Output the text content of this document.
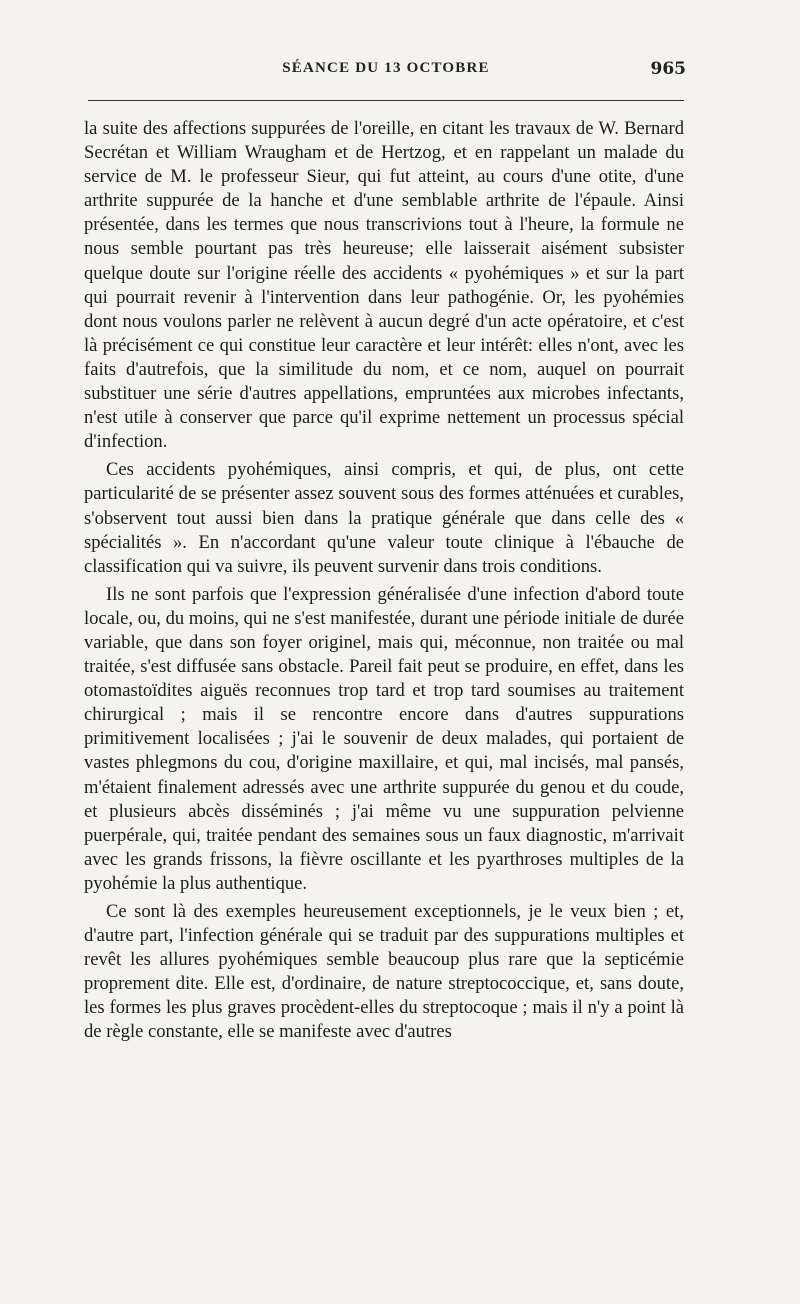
SÉANCE DU 13 OCTOBRE	965

la suite des affections suppurées de l'oreille, en citant les travaux de W. Bernard Secrétan et William Wraugham et de Hertzog, et en rappelant un malade du service de M. le professeur Sieur, qui fut atteint, au cours d'une otite, d'une arthrite suppurée de la hanche et d'une semblable arthrite de l'épaule. Ainsi présentée, dans les termes que nous transcrivions tout à l'heure, la formule ne nous semble pourtant pas très heureuse; elle laisserait aisément subsister quelque doute sur l'origine réelle des accidents « pyohémiques » et sur la part qui pourrait revenir à l'intervention dans leur pathogénie. Or, les pyohémies dont nous voulons parler ne relèvent à aucun degré d'un acte opératoire, et c'est là précisément ce qui constitue leur caractère et leur intérêt: elles n'ont, avec les faits d'autrefois, que la similitude du nom, et ce nom, auquel on pourrait substituer une série d'autres appellations, empruntées aux microbes infectants, n'est utile à conserver que parce qu'il exprime nettement un processus spécial d'infection.

Ces accidents pyohémiques, ainsi compris, et qui, de plus, ont cette particularité de se présenter assez souvent sous des formes atténuées et curables, s'observent tout aussi bien dans la pratique générale que dans celle des « spécialités ». En n'accordant qu'une valeur toute clinique à l'ébauche de classification qui va suivre, ils peuvent survenir dans trois conditions.

Ils ne sont parfois que l'expression généralisée d'une infection d'abord toute locale, ou, du moins, qui ne s'est manifestée, durant une période initiale de durée variable, que dans son foyer originel, mais qui, méconnue, non traitée ou mal traitée, s'est diffusée sans obstacle. Pareil fait peut se produire, en effet, dans les otomastoïdites aiguës reconnues trop tard et trop tard soumises au traitement chirurgical ; mais il se rencontre encore dans d'autres suppurations primitivement localisées ; j'ai le souvenir de deux malades, qui portaient de vastes phlegmons du cou, d'origine maxillaire, et qui, mal incisés, mal pansés, m'étaient finalement adressés avec une arthrite suppurée du genou et du coude, et plusieurs abcès disséminés ; j'ai même vu une suppuration pelvienne puerpérale, qui, traitée pendant des semaines sous un faux diagnostic, m'arrivait avec les grands frissons, la fièvre oscillante et les pyarthroses multiples de la pyohémie la plus authentique.

Ce sont là des exemples heureusement exceptionnels, je le veux bien ; et, d'autre part, l'infection générale qui se traduit par des suppurations multiples et revêt les allures pyohémiques semble beaucoup plus rare que la septicémie proprement dite. Elle est, d'ordinaire, de nature streptococcique, et, sans doute, les formes les plus graves procèdent-elles du streptocoque ; mais il n'y a point là de règle constante, elle se manifeste avec d'autres
